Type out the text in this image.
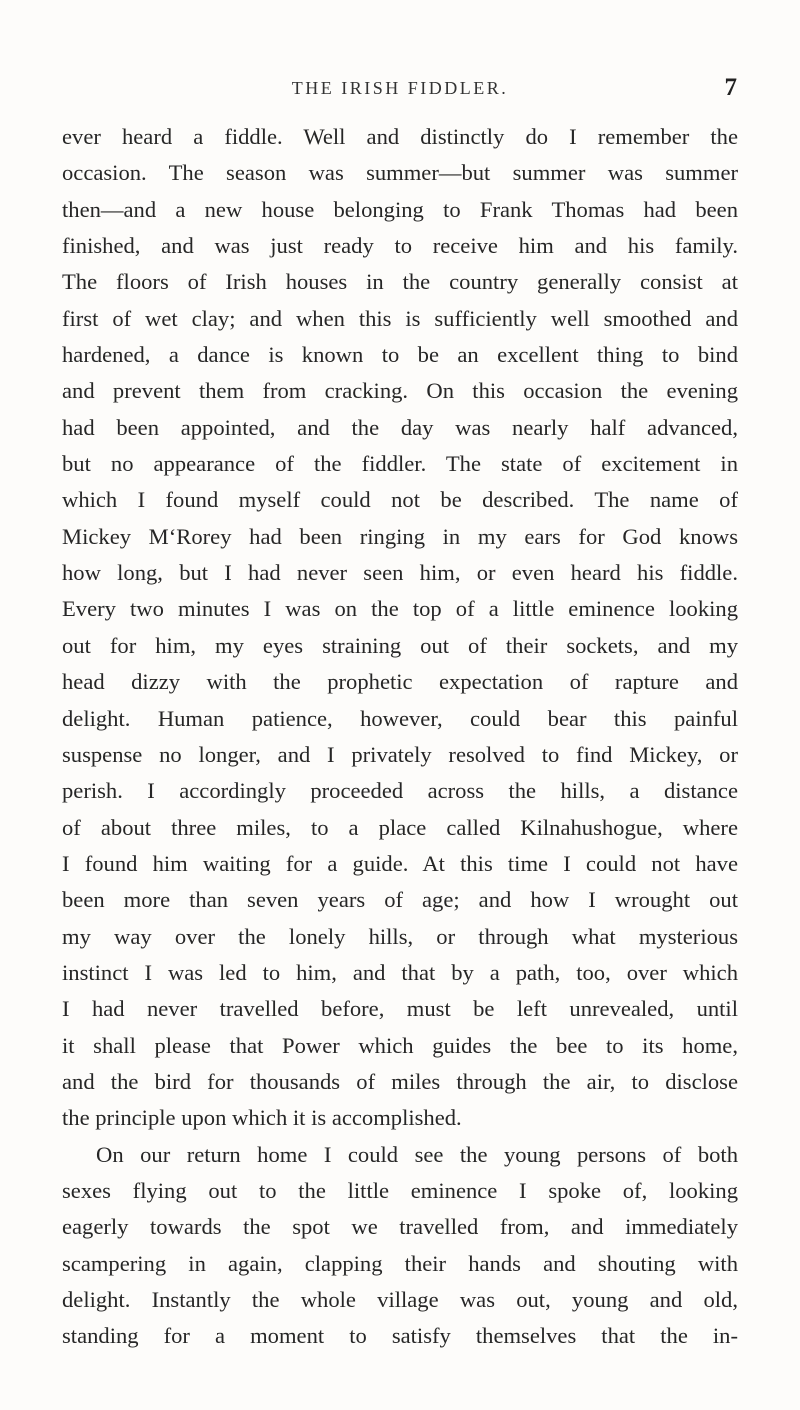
THE IRISH FIDDLER.	7
ever heard a fiddle. Well and distinctly do I remember the
occasion. The season was summer—but summer was summer
then—and a new house belonging to Frank Thomas had been
finished, and was just ready to receive him and his family.
The floors of Irish houses in the country generally consist at
first of wet clay; and when this is sufficiently well smoothed and
hardened, a dance is known to be an excellent thing to bind
and prevent them from cracking. On this occasion the evening
had been appointed, and the day was nearly half advanced,
but no appearance of the fiddler. The state of excitement in
which I found myself could not be described. The name of
Mickey M‘Rorey had been ringing in my ears for God knows
how long, but I had never seen him, or even heard his fiddle.
Every two minutes I was on the top of a little eminence looking
out for him, my eyes straining out of their sockets, and my
head dizzy with the prophetic expectation of rapture and
delight. Human patience, however, could bear this painful
suspense no longer, and I privately resolved to find Mickey, or
perish. I accordingly proceeded across the hills, a distance
of about three miles, to a place called Kilnahushogue, where
I found him waiting for a guide. At this time I could not have
been more than seven years of age; and how I wrought out
my way over the lonely hills, or through what mysterious
instinct I was led to him, and that by a path, too, over which
I had never travelled before, must be left unrevealed, until
it shall please that Power which guides the bee to its home,
and the bird for thousands of miles through the air, to disclose
the principle upon which it is accomplished.
On our return home I could see the young persons of both
sexes flying out to the little eminence I spoke of, looking
eagerly towards the spot we travelled from, and immediately
scampering in again, clapping their hands and shouting with
delight. Instantly the whole village was out, young and old,
standing for a moment to satisfy themselves that the in-
